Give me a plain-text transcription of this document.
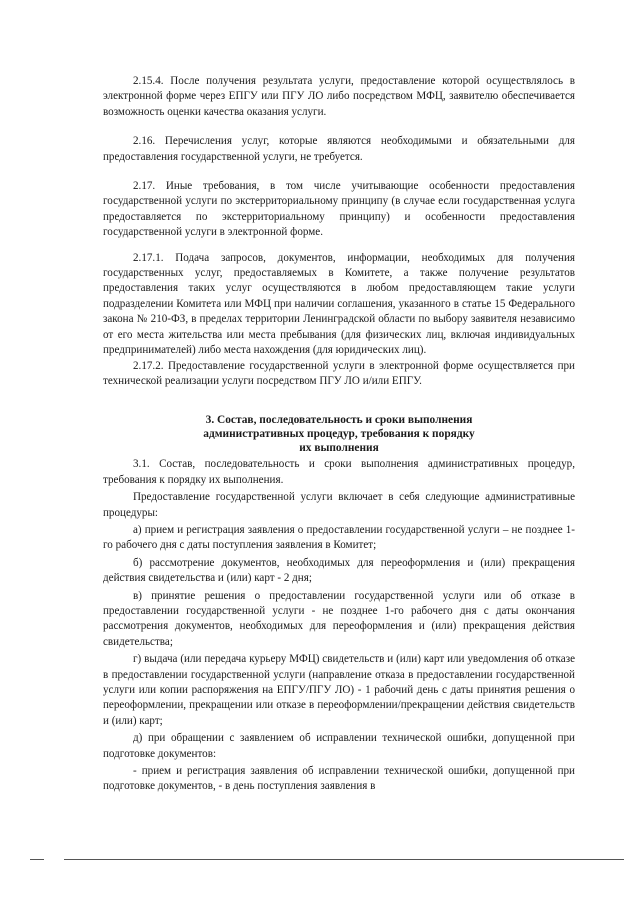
2.15.4. После получения результата услуги, предоставление которой осуществлялось в электронной форме через ЕПГУ или ПГУ ЛО либо посредством МФЦ, заявителю обеспечивается возможность оценки качества оказания услуги.

2.16. Перечисления услуг, которые являются необходимыми и обязательными для предоставления государственной услуги, не требуется.

2.17. Иные требования, в том числе учитывающие особенности предоставления государственной услуги по экстерриториальному принципу (в случае если государственная услуга предоставляется по экстерриториальному принципу) и особенности предоставления государственной услуги в электронной форме.

2.17.1. Подача запросов, документов, информации, необходимых для получения государственных услуг, предоставляемых в Комитете, а также получение результатов предоставления таких услуг осуществляются в любом предоставляющем такие услуги подразделении Комитета или МФЦ при наличии соглашения, указанного в статье 15 Федерального закона № 210-ФЗ, в пределах территории Ленинградской области по выбору заявителя независимо от его места жительства или места пребывания (для физических лиц, включая индивидуальных предпринимателей) либо места нахождения (для юридических лиц).

2.17.2. Предоставление государственной услуги в электронной форме осуществляется при технической реализации услуги посредством ПГУ ЛО и/или ЕПГУ.

3. Состав, последовательность и сроки выполнения
административных процедур, требования к порядку
их выполнения

3.1. Состав, последовательность и сроки выполнения административных процедур, требования к порядку их выполнения.

Предоставление государственной услуги включает в себя следующие административные процедуры:

а) прием и регистрация заявления о предоставлении государственной услуги – не позднее 1-го рабочего дня с даты поступления заявления в Комитет;

б) рассмотрение документов, необходимых для переоформления и (или) прекращения действия свидетельства и (или) карт - 2 дня;

в) принятие решения о предоставлении государственной услуги или об отказе в предоставлении государственной услуги - не позднее 1-го рабочего дня с даты окончания рассмотрения документов, необходимых для переоформления и (или) прекращения действия свидетельства;

г) выдача (или передача курьеру МФЦ) свидетельств и (или) карт или уведомления об отказе в предоставлении государственной услуги (направление отказа в предоставлении государственной услуги или копии распоряжения на ЕПГУ/ПГУ ЛО) - 1 рабочий день с даты принятия решения о переоформлении, прекращении или отказе в переоформлении/прекращении действия свидетельств и (или) карт;

д) при обращении с заявлением об исправлении технической ошибки, допущенной при подготовке документов:

- прием и регистрация заявления об исправлении технической ошибки, допущенной при подготовке документов, - в день поступления заявления в
